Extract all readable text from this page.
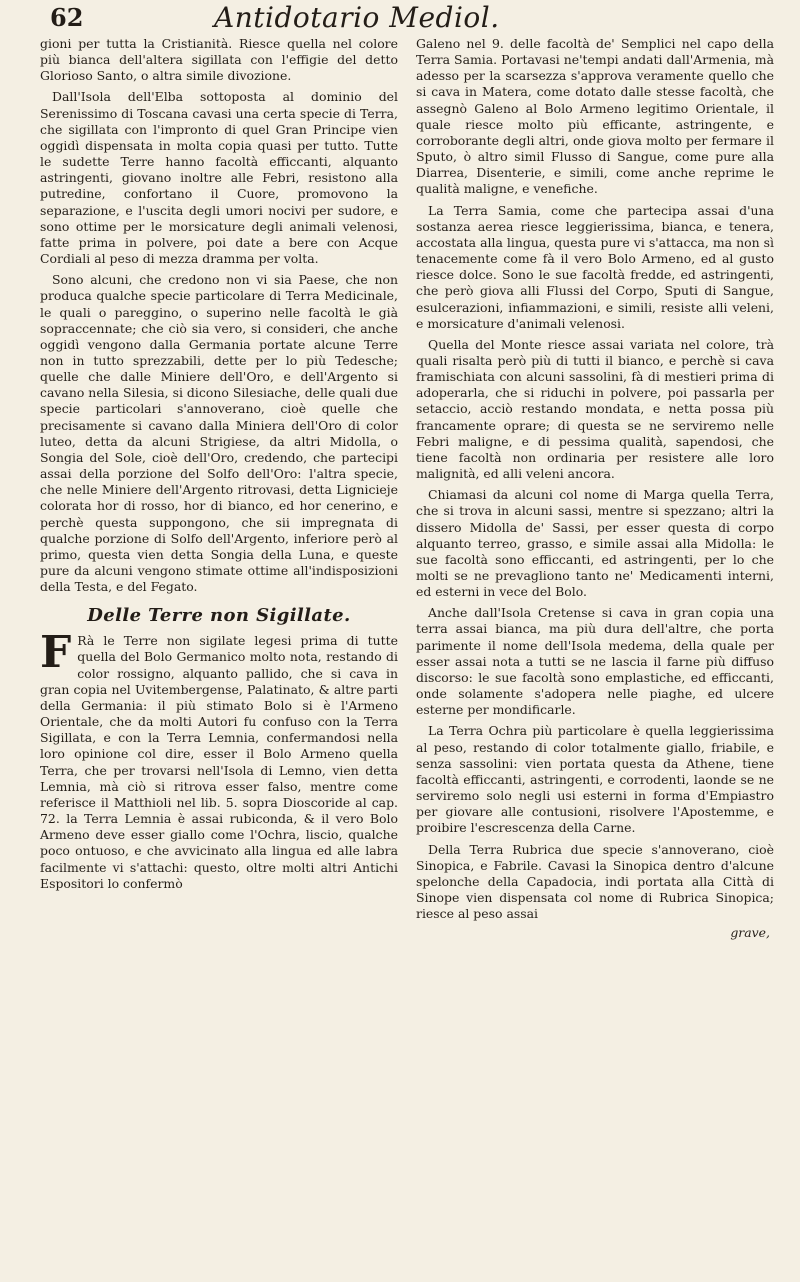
62	Antidotario Mediol.

gioni per tutta la Cristianità. Riesce quella nel colore più bianca dell'altera sigillata con l'effigie del detto Glorioso Santo, o altra simile divozione.

Dall'Isola dell'Elba sottoposta al dominio del Serenissimo di Toscana cavasi una certa specie di Terra, che sigillata con l'impronto di quel Gran Principe vien oggidì dispensata in molta copia quasi per tutto. Tutte le sudette Terre hanno facoltà efficcanti, alquanto astringenti, giovano inoltre alle Febri, resistono alla putredine, confortano il Cuore, promovono la separazione, e l'uscita degli umori nocivi per sudore, e sono ottime per le morsicature degli animali velenosi, fatte prima in polvere, poi date a bere con Acque Cordiali al peso di mezza dramma per volta.

Sono alcuni, che credono non vi sia Paese, che non produca qualche specie particolare di Terra Medicinale, le quali o pareggino, o superino nelle facoltà le già sopraccennate; che ciò sia vero, si consideri, che anche oggidì vengono dalla Germania portate alcune Terre non in tutto sprezzabili, dette per lo più Tedesche; quelle che dalle Miniere dell'Oro, e dell'Argento si cavano nella Silesia, si dicono Silesiache, delle quali due specie particolari s'annoverano, cioè quelle che precisamente si cavano dalla Miniera dell'Oro di color luteo, detta da alcuni Strigiese, da altri Midolla, o Songia del Sole, cioè dell'Oro, credendo, che partecipi assai della porzione del Solfo dell'Oro: l'altra specie, che nelle Miniere dell'Argento ritrovasi, detta Lignicieje colorata hor di rosso, hor di bianco, ed hor cenerino, e perchè questa suppongono, che sii impregnata di qualche porzione di Solfo dell'Argento, inferiore però al primo, questa vien detta Songia della Luna, e queste pure da alcuni vengono stimate ottime all'indisposizioni della Testa, e del Fegato.

Delle Terre non Sigillate.

F Rà le Terre non sigilate legesi prima di tutte quella del Bolo Germanico molto nota, restando di color rossigno, alquanto pallido, che si cava in gran copia nel Uvitembergense, Palatinato, & altre parti della Germania: il più stimato Bolo si è l'Armeno Orientale, che da molti Autori fu confuso con la Terra Sigillata, e con la Terra Lemnia, confermandosi nella loro opinione col dire, esser il Bolo Armeno quella Terra, che per trovarsi nell'Isola di Lemno, vien detta Lemnia, mà ciò si ritrova esser falso, mentre come referisce il Matthioli nel lib. 5. sopra Dioscoride al cap. 72. la Terra Lemnia è assai rubiconda, & il vero Bolo Armeno deve esser giallo come l'Ochra, liscio, qualche poco ontuoso, e che avvicinato alla lingua ed alle labra facilmente vi s'attachi: questo, oltre molti altri Antichi Espositori lo confermò

Galeno nel 9. delle facoltà de' Semplici nel capo della Terra Samia. Portavasi ne'tempi andati dall'Armenia, mà adesso per la scarsezza s'approva veramente quello che si cava in Matera, come dotato dalle stesse facoltà, che assegnò Galeno al Bolo Armeno legitimo Orientale, il quale riesce molto più efficante, astringente, e corroborante degli altri, onde giova molto per fermare il Sputo, ò altro simil Flusso di Sangue, come pure alla Diarrea, Disenterie, e simili, come anche reprime le qualità maligne, e venefiche.

La Terra Samia, come che partecipa assai d'una sostanza aerea riesce leggierissima, bianca, e tenera, accostata alla lingua, questa pure vi s'attacca, ma non sì tenacemente come fà il vero Bolo Armeno, ed al gusto riesce dolce. Sono le sue facoltà fredde, ed astringenti, che però giova alli Flussi del Corpo, Sputi di Sangue, esulcerazioni, infiammazioni, e simili, resiste alli veleni, e morsicature d'animali velenosi.

Quella del Monte riesce assai variata nel colore, trà quali risalta però più di tutti il bianco, e perchè si cava framischiata con alcuni sassolini, fà di mestieri prima di adoperarla, che si riduchi in polvere, poi passarla per setaccio, acciò restando mondata, e netta possa più francamente oprare; di questa se ne serviremo nelle Febri maligne, e di pessima qualità, sapendosi, che tiene facoltà non ordinaria per resistere alle loro malignità, ed alli veleni ancora.

Chiamasi da alcuni col nome di Marga quella Terra, che si trova in alcuni sassi, mentre si spezzano; altri la dissero Midolla de' Sassi, per esser questa di corpo alquanto terreo, grasso, e simile assai alla Midolla: le sue facoltà sono efficcanti, ed astringenti, per lo che molti se ne prevagliono tanto ne' Medicamenti interni, ed esterni in vece del Bolo.

Anche dall'Isola Cretense si cava in gran copia una terra assai bianca, ma più dura dell'altre, che porta parimente il nome dell'Isola medema, della quale per esser assai nota a tutti se ne lascia il farne più diffuso discorso: le sue facoltà sono emplastiche, ed efficcanti, onde solamente s'adopera nelle piaghe, ed ulcere esterne per mondificarle.

La Terra Ochra più particolare è quella leggierissima al peso, restando di color totalmente giallo, friabile, e senza sassolini: vien portata questa da Athene, tiene facoltà efficcanti, astringenti, e corrodenti, laonde se ne serviremo solo negli usi esterni in forma d'Empiastro per giovare alle contusioni, risolvere l'Apostemme, e proibire l'escrescenza della Carne.

Della Terra Rubrica due specie s'annoverano, cioè Sinopica, e Fabrile. Cavasi la Sinopica dentro d'alcune spelonche della Capadocia, indi portata alla Città di Sinope vien dispensata col nome di Rubrica Sinopica; riesce al peso assai

grave,
